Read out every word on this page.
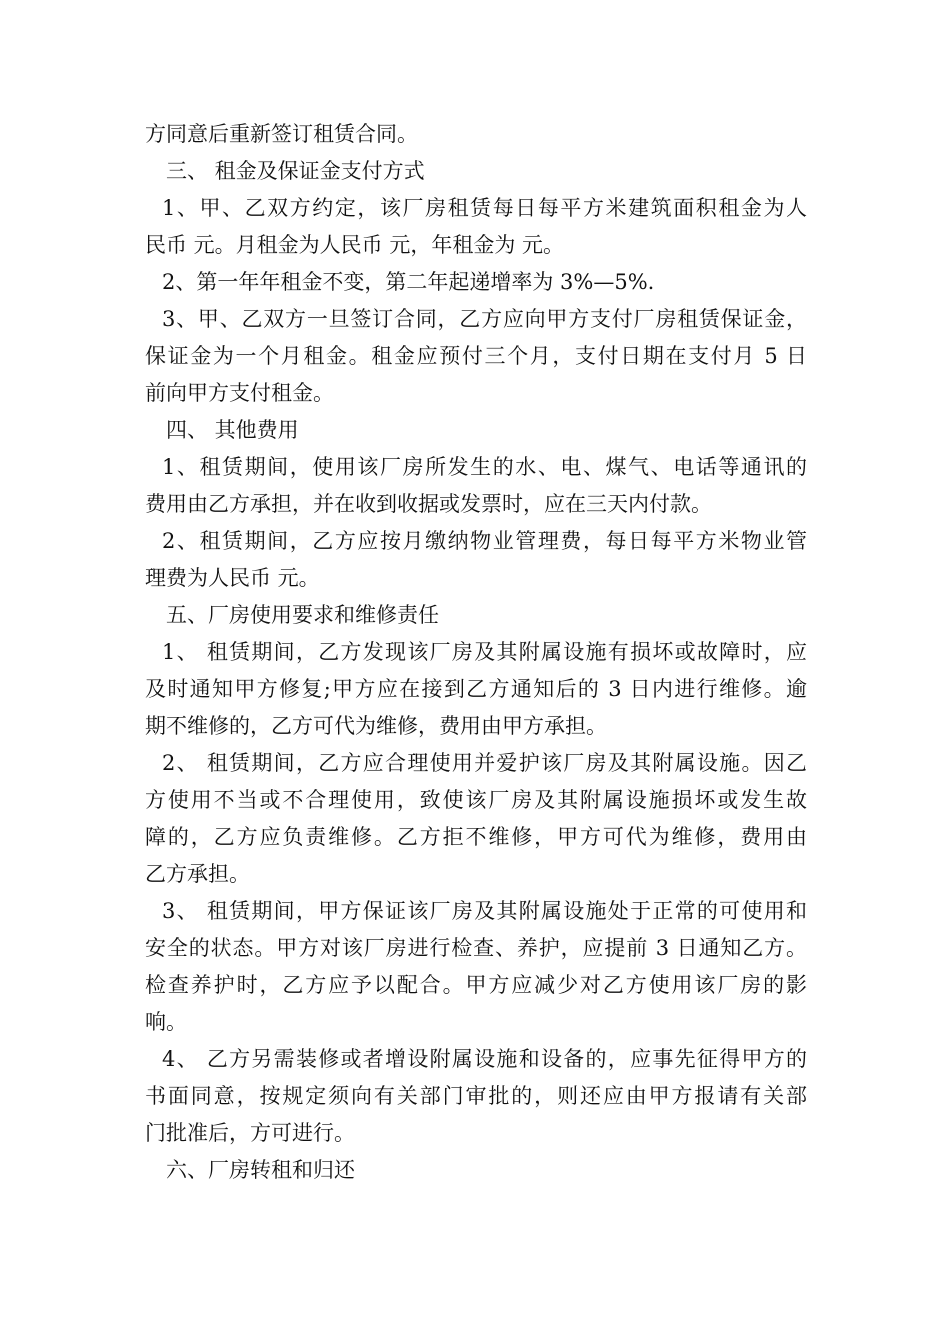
方同意后重新签订租赁合同。
三、 租金及保证金支付方式
1、甲、乙双方约定，该厂房租赁每日每平方米建筑面积租金为人
民币 元。月租金为人民币 元，年租金为 元。
2、第一年年租金不变，第二年起递增率为 3%—5%.
3、甲、乙双方一旦签订合同，乙方应向甲方支付厂房租赁保证金，
保证金为一个月租金。租金应预付三个月，支付日期在支付月 5 日
前向甲方支付租金。
四、 其他费用
1、租赁期间，使用该厂房所发生的水、电、煤气、电话等通讯的
费用由乙方承担，并在收到收据或发票时，应在三天内付款。
2、租赁期间，乙方应按月缴纳物业管理费，每日每平方米物业管
理费为人民币 元。
五、厂房使用要求和维修责任
1、 租赁期间，乙方发现该厂房及其附属设施有损坏或故障时，应
及时通知甲方修复;甲方应在接到乙方通知后的 3 日内进行维修。逾
期不维修的，乙方可代为维修，费用由甲方承担。
2、 租赁期间，乙方应合理使用并爱护该厂房及其附属设施。因乙
方使用不当或不合理使用，致使该厂房及其附属设施损坏或发生故
障的，乙方应负责维修。乙方拒不维修，甲方可代为维修，费用由
乙方承担。
3、 租赁期间，甲方保证该厂房及其附属设施处于正常的可使用和
安全的状态。甲方对该厂房进行检查、养护，应提前 3 日通知乙方。
检查养护时，乙方应予以配合。甲方应减少对乙方使用该厂房的影
响。
4、 乙方另需装修或者增设附属设施和设备的，应事先征得甲方的
书面同意，按规定须向有关部门审批的，则还应由甲方报请有关部
门批准后，方可进行。
六、厂房转租和归还
